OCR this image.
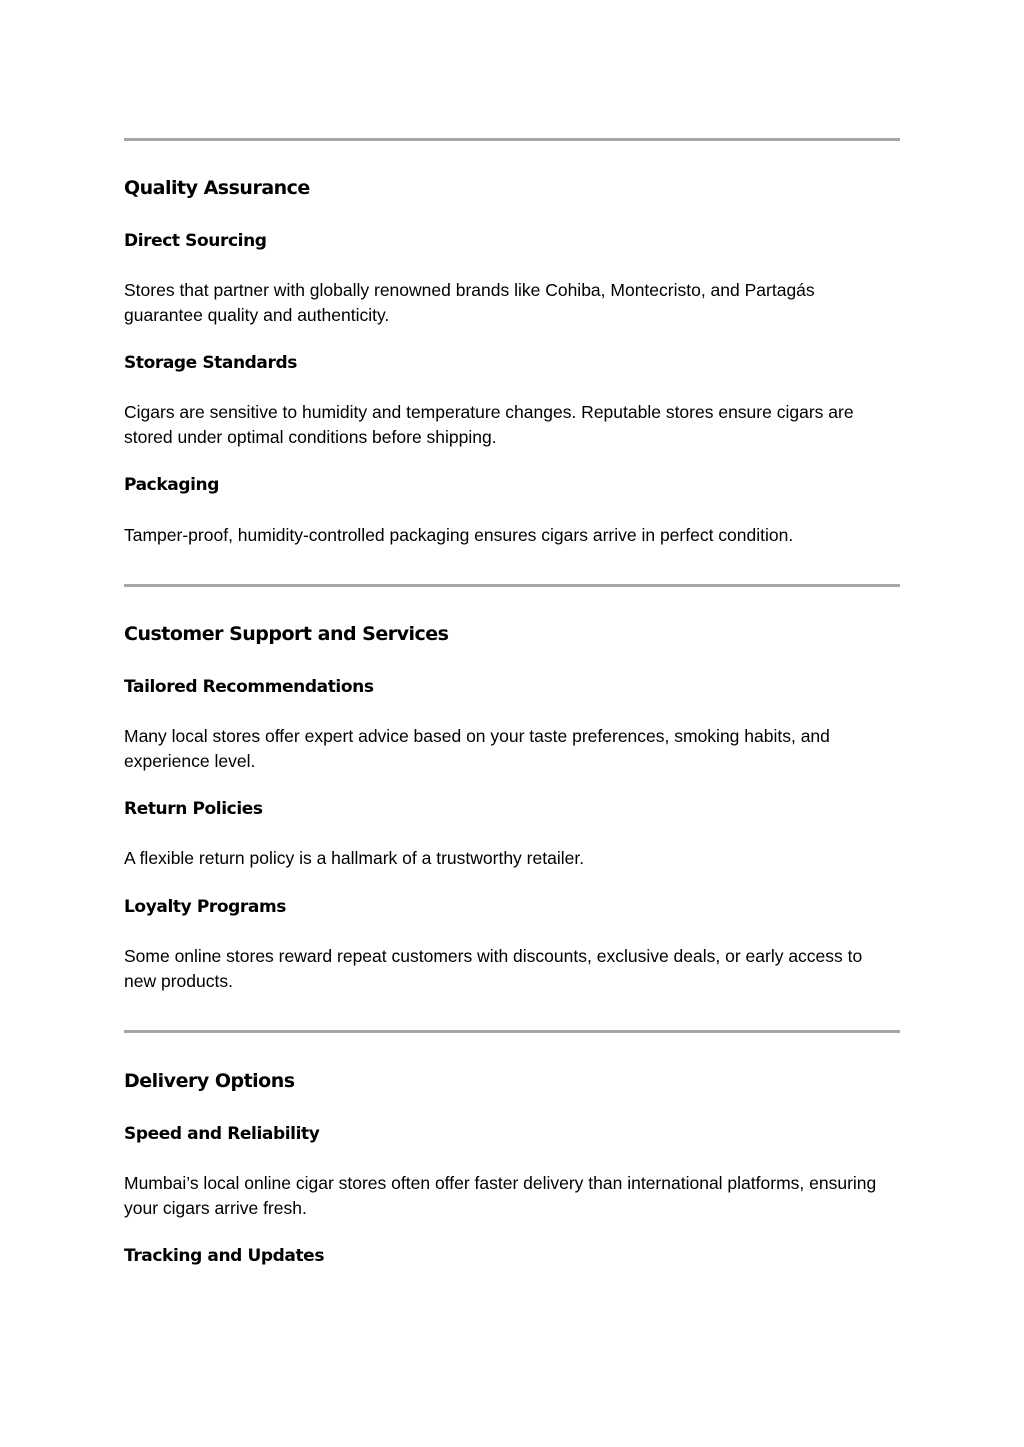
Quality Assurance
Direct Sourcing

Stores that partner with globally renowned brands like Cohiba, Montecristo, and Partagás guarantee quality and authenticity.

Storage Standards

Cigars are sensitive to humidity and temperature changes. Reputable stores ensure cigars are stored under optimal conditions before shipping.

Packaging

Tamper-proof, humidity-controlled packaging ensures cigars arrive in perfect condition.

Customer Support and Services
Tailored Recommendations

Many local stores offer expert advice based on your taste preferences, smoking habits, and experience level.

Return Policies

A flexible return policy is a hallmark of a trustworthy retailer.

Loyalty Programs

Some online stores reward repeat customers with discounts, exclusive deals, or early access to new products.

Delivery Options
Speed and Reliability

Mumbai’s local online cigar stores often offer faster delivery than international platforms, ensuring your cigars arrive fresh.

Tracking and Updates
